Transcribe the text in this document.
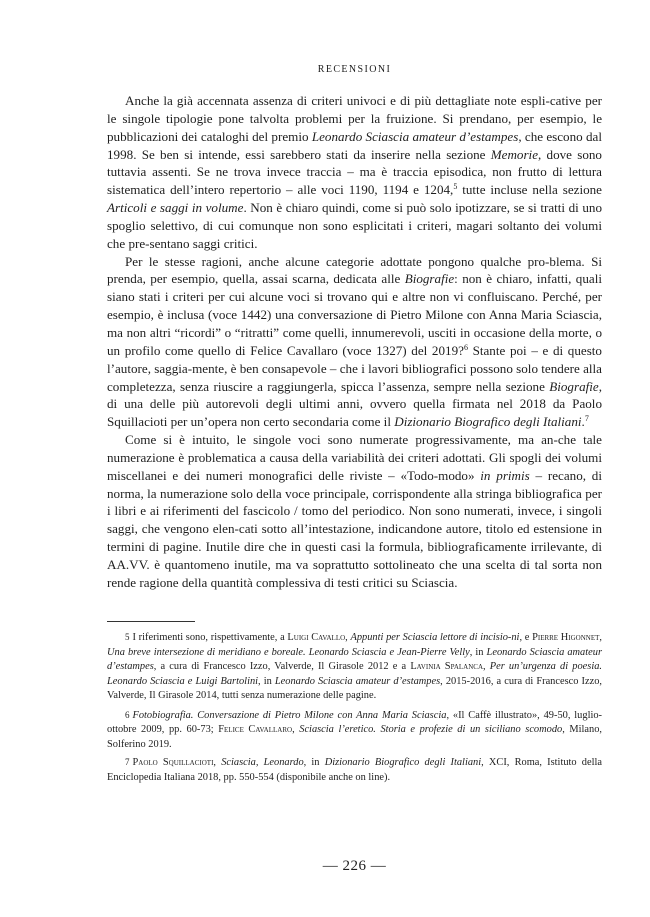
RECENSIONI

Anche la già accennata assenza di criteri univoci e di più dettagliate note espli-cative per le singole tipologie pone talvolta problemi per la fruizione. Si prendano, per esempio, le pubblicazioni dei cataloghi del premio Leonardo Sciascia amateur d’estampes, che escono dal 1998. Se ben si intende, essi sarebbero stati da inserire nella sezione Memorie, dove sono tuttavia assenti. Se ne trova invece traccia – ma è traccia episodica, non frutto di lettura sistematica dell’intero repertorio – alle voci 1190, 1194 e 1204,$^5$ tutte incluse nella sezione Articoli e saggi in volume. Non è chiaro quindi, come si può solo ipotizzare, se si tratti di uno spoglio selettivo, di cui comunque non sono esplicitati i criteri, magari soltanto dei volumi che pre-sentano saggi critici.

Per le stesse ragioni, anche alcune categorie adottate pongono qualche pro-blema. Si prenda, per esempio, quella, assai scarna, dedicata alle Biografie: non è chiaro, infatti, quali siano stati i criteri per cui alcune voci si trovano qui e altre non vi confluiscano. Perché, per esempio, è inclusa (voce 1442) una conversazione di Pietro Milone con Anna Maria Sciascia, ma non altri “ricordi” o “ritratti” come quelli, innumerevoli, usciti in occasione della morte, o un profilo come quello di Felice Cavallaro (voce 1327) del 2019?$^6$ Stante poi – e di questo l’autore, saggia-mente, è ben consapevole – che i lavori bibliografici possono solo tendere alla completezza, senza riuscire a raggiungerla, spicca l’assenza, sempre nella sezione Biografie, di una delle più autorevoli degli ultimi anni, ovvero quella firmata nel 2018 da Paolo Squillacioti per un’opera non certo secondaria come il Dizionario Biografico degli Italiani.$^7$

Come si è intuito, le singole voci sono numerate progressivamente, ma an-che tale numerazione è problematica a causa della variabilità dei criteri adottati. Gli spogli dei volumi miscellanei e dei numeri monografici delle riviste – «Todo-modo» in primis – recano, di norma, la numerazione solo della voce principale, corrispondente alla stringa bibliografica per i libri e ai riferimenti del fascicolo / tomo del periodico. Non sono numerati, invece, i singoli saggi, che vengono elen-cati sotto all’intestazione, indicandone autore, titolo ed estensione in termini di pagine. Inutile dire che in questi casi la formula, bibliograficamente irrilevante, di AA.VV. è quantomeno inutile, ma va soprattutto sottolineato che una scelta di tal sorta non rende ragione della quantità complessiva di testi critici su Sciascia.

5 I riferimenti sono, rispettivamente, a Luigi Cavallo, Appunti per Sciascia lettore di incisio-ni, e Pierre Higonnet, Una breve intersezione di meridiano e boreale. Leonardo Sciascia e Jean-Pierre Velly, in Leonardo Sciascia amateur d’estampes, a cura di Francesco Izzo, Valverde, Il Girasole 2012 e a Lavinia Spalanca, Per un’urgenza di poesia. Leonardo Sciascia e Luigi Bartolini, in Leonardo Sciascia amateur d’estampes, 2015-2016, a cura di Francesco Izzo, Valverde, Il Girasole 2014, tutti senza numerazione delle pagine.

6 Fotobiografia. Conversazione di Pietro Milone con Anna Maria Sciascia, «Il Caffè illustrato», 49-50, luglio-ottobre 2009, pp. 60-73; Felice Cavallaro, Sciascia l’eretico. Storia e profezie di un siciliano scomodo, Milano, Solferino 2019.

7 Paolo Squillacioti, Sciascia, Leonardo, in Dizionario Biografico degli Italiani, XCI, Roma, Istituto della Enciclopedia Italiana 2018, pp. 550-554 (disponibile anche on line).

— 226 —
